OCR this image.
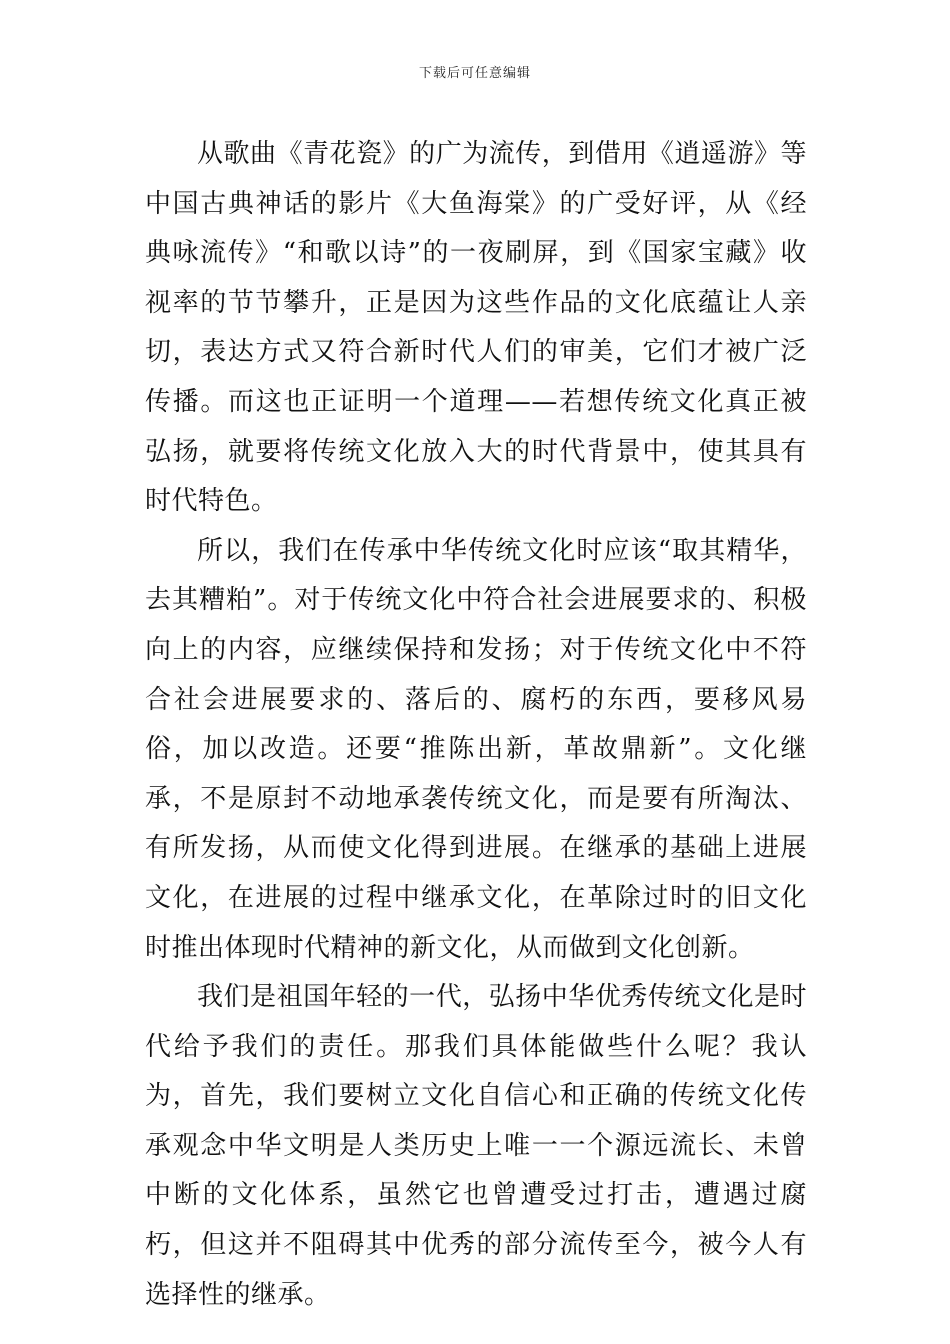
下载后可任意编辑

从歌曲《青花瓷》的广为流传，到借用《逍遥游》等中国古典神话的影片《大鱼海棠》的广受好评，从《经典咏流传》“和歌以诗”的一夜刷屏，到《国家宝藏》收视率的节节攀升，正是因为这些作品的文化底蕴让人亲切，表达方式又符合新时代人们的审美，它们才被广泛传播。而这也正证明一个道理——若想传统文化真正被弘扬，就要将传统文化放入大的时代背景中，使其具有时代特色。

所以，我们在传承中华传统文化时应该“取其精华，去其糟粕”。对于传统文化中符合社会进展要求的、积极向上的内容，应继续保持和发扬；对于传统文化中不符合社会进展要求的、落后的、腐朽的东西，要移风易俗，加以改造。还要“推陈出新，革故鼎新”。文化继承，不是原封不动地承袭传统文化，而是要有所淘汰、有所发扬，从而使文化得到进展。在继承的基础上进展文化，在进展的过程中继承文化，在革除过时的旧文化时推出体现时代精神的新文化，从而做到文化创新。

我们是祖国年轻的一代，弘扬中华优秀传统文化是时代给予我们的责任。那我们具体能做些什么呢？我认为，首先，我们要树立文化自信心和正确的传统文化传承观念中华文明是人类历史上唯一一个源远流长、未曾中断的文化体系，虽然它也曾遭受过打击，遭遇过腐朽，但这并不阻碍其中优秀的部分流传至今，被今人有选择性的继承。
